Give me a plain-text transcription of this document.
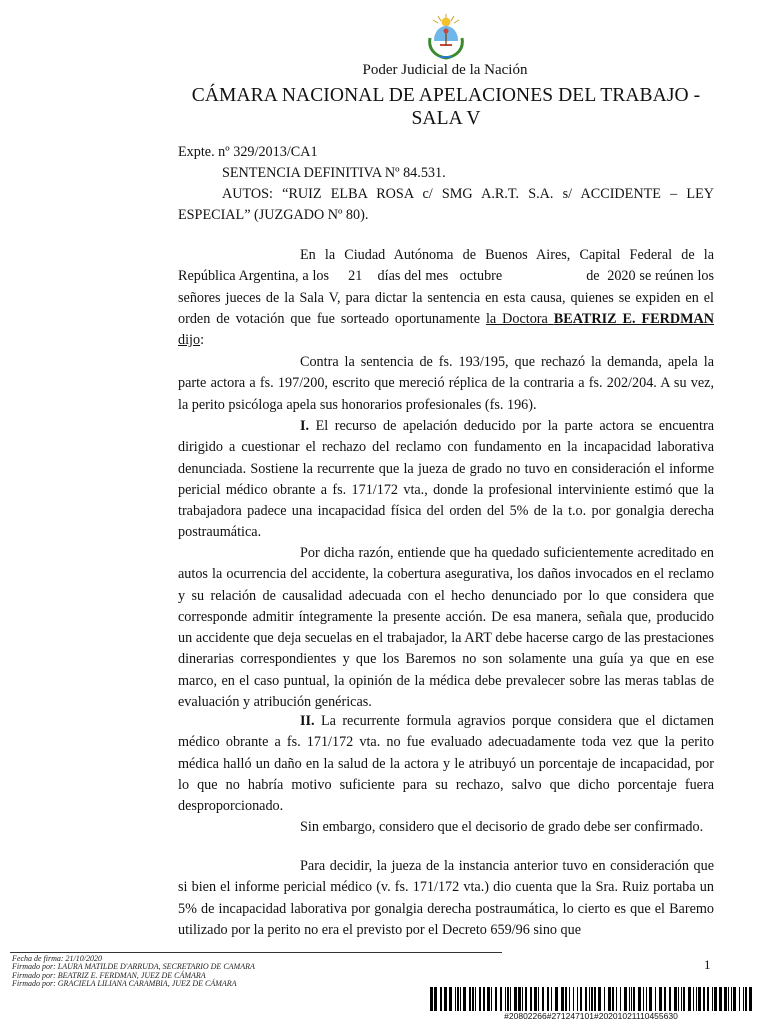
Poder Judicial de la Nación
CÁMARA NACIONAL DE APELACIONES DEL TRABAJO -
SALA V
Expte. nº 329/2013/CA1
SENTENCIA DEFINITIVA Nº 84.531.
AUTOS: “RUIZ ELBA ROSA c/ SMG A.R.T. S.A. s/ ACCIDENTE – LEY
ESPECIAL” (JUZGADO Nº 80).
En la Ciudad Autónoma de Buenos Aires, Capital Federal de la República Argentina, a los 21 días del mes octubre	de 2020 se reúnen los señores jueces de la Sala V, para dictar la sentencia en esta causa, quienes se expiden en el orden de votación que fue sorteado oportunamente la Doctora BEATRIZ E. FERDMAN dijo:
Contra la sentencia de fs. 193/195, que rechazó la demanda, apela la parte actora a fs. 197/200, escrito que mereció réplica de la contraria a fs. 202/204. A su vez, la perito psicóloga apela sus honorarios profesionales (fs. 196).
I. El recurso de apelación deducido por la parte actora se encuentra dirigido a cuestionar el rechazo del reclamo con fundamento en la incapacidad laborativa denunciada. Sostiene la recurrente que la jueza de grado no tuvo en consideración el informe pericial médico obrante a fs. 171/172 vta., donde la profesional interviniente estimó que la trabajadora padece una incapacidad física del orden del 5% de la t.o. por gonalgia derecha postraumática.
Por dicha razón, entiende que ha quedado suficientemente acreditado en autos la ocurrencia del accidente, la cobertura asegurativa, los daños invocados en el reclamo y su relación de causalidad adecuada con el hecho denunciado por lo que considera que corresponde admitir íntegramente la presente acción. De esa manera, señala que, producido un accidente que deja secuelas en el trabajador, la ART debe hacerse cargo de las prestaciones dinerarias correspondientes y que los Baremos no son solamente una guía ya que en ese marco, en el caso puntual, la opinión de la médica debe prevalecer sobre las meras tablas de evaluación y atribución genéricas.
II. La recurrente formula agravios porque considera que el dictamen médico obrante a fs. 171/172 vta. no fue evaluado adecuadamente toda vez que la perito médica halló un daño en la salud de la actora y le atribuyó un porcentaje de incapacidad, por lo que no habría motivo suficiente para su rechazo, salvo que dicho porcentaje fuera desproporcionado.
Sin embargo, considero que el decisorio de grado debe ser confirmado.
Para decidir, la jueza de la instancia anterior tuvo en consideración que si bien el informe pericial médico (v. fs. 171/172 vta.) dio cuenta que la Sra. Ruiz portaba un 5% de incapacidad laborativa por gonalgia derecha postraumática, lo cierto es que el Baremo utilizado por la perito no era el previsto por el Decreto 659/96 sino que
Fecha de firma: 21/10/2020
Firmado por: LAURA MATILDE D'ARRUDA, SECRETARIO DE CAMARA
Firmado por: BEATRIZ E. FERDMAN, JUEZ DE CÁMARA
Firmado por: GRACIELA LILIANA CARAMBIA, JUEZ DE CÁMARA
1
#20802266#271247101#20201021110455630
